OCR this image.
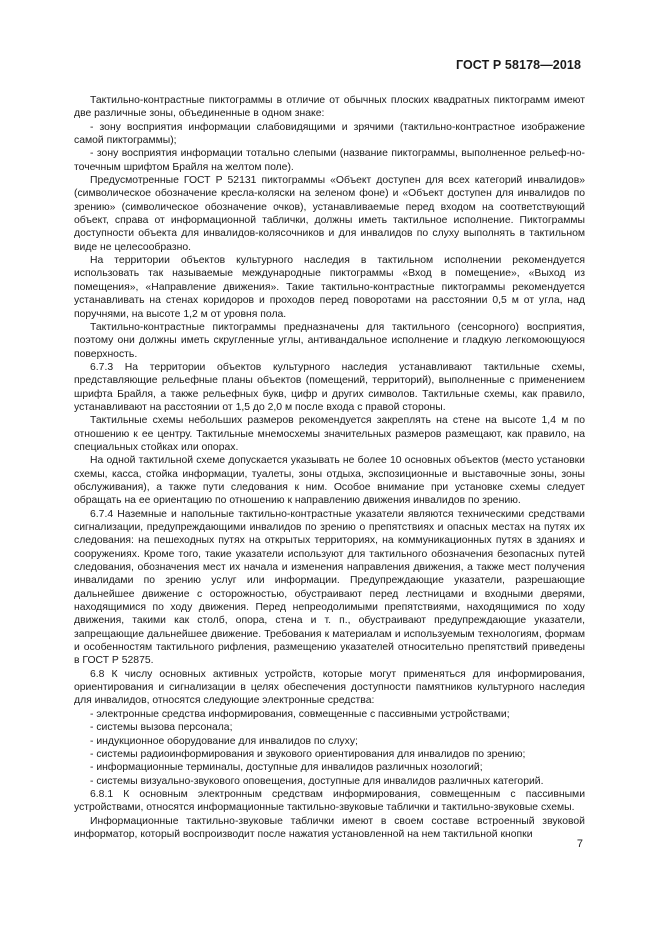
ГОСТ Р 58178—2018

Тактильно-контрастные пиктограммы в отличие от обычных плоских квадратных пиктограмм имеют две различные зоны, объединенные в одном знаке:

- зону восприятия информации слабовидящими и зрячими (тактильно-контрастное изображение самой пиктограммы);

- зону восприятия информации тотально слепыми (название пиктограммы, выполненное рельеф-но-точечным шрифтом Брайля на желтом поле).

Предусмотренные ГОСТ Р 52131 пиктограммы «Объект доступен для всех категорий инвалидов» (символическое обозначение кресла-коляски на зеленом фоне) и «Объект доступен для инвалидов по зрению» (символическое обозначение очков), устанавливаемые перед входом на соответствующий объект, справа от информационной таблички, должны иметь тактильное исполнение. Пиктограммы доступности объекта для инвалидов-колясочников и для инвалидов по слуху выполнять в тактильном виде не целесообразно.

На территории объектов культурного наследия в тактильном исполнении рекомендуется использовать так называемые международные пиктограммы «Вход в помещение», «Выход из помещения», «Направление движения». Такие тактильно-контрастные пиктограммы рекомендуется устанавливать на стенах коридоров и проходов перед поворотами на расстоянии 0,5 м от угла, над поручнями, на высоте 1,2 м от уровня пола.

Тактильно-контрастные пиктограммы предназначены для тактильного (сенсорного) восприятия, поэтому они должны иметь скругленные углы, антивандальное исполнение и гладкую легкомоющуюся поверхность.

6.7.3 На территории объектов культурного наследия устанавливают тактильные схемы, представляющие рельефные планы объектов (помещений, территорий), выполненные с применением шрифта Брайля, а также рельефных букв, цифр и других символов. Тактильные схемы, как правило, устанавливают на расстоянии от 1,5 до 2,0 м после входа с правой стороны.

Тактильные схемы небольших размеров рекомендуется закреплять на стене на высоте 1,4 м по отношению к ее центру. Тактильные мнемосхемы значительных размеров размещают, как правило, на специальных стойках или опорах.

На одной тактильной схеме допускается указывать не более 10 основных объектов (место установки схемы, касса, стойка информации, туалеты, зоны отдыха, экспозиционные и выставочные зоны, зоны обслуживания), а также пути следования к ним. Особое внимание при установке схемы следует обращать на ее ориентацию по отношению к направлению движения инвалидов по зрению.

6.7.4 Наземные и напольные тактильно-контрастные указатели являются техническими средствами сигнализации, предупреждающими инвалидов по зрению о препятствиях и опасных местах на путях их следования: на пешеходных путях на открытых территориях, на коммуникационных путях в зданиях и сооружениях. Кроме того, такие указатели используют для тактильного обозначения безопасных путей следования, обозначения мест их начала и изменения направления движения, а также мест получения инвалидами по зрению услуг или информации. Предупреждающие указатели, разрешающие дальнейшее движение с осторожностью, обустраивают перед лестницами и входными дверями, находящимися по ходу движения. Перед непреодолимыми препятствиями, находящимися по ходу движения, такими как столб, опора, стена и т. п., обустраивают предупреждающие указатели, запрещающие дальнейшее движение. Требования к материалам и используемым технологиям, формам и особенностям тактильного рифления, размещению указателей относительно препятствий приведены в ГОСТ Р 52875.

6.8 К числу основных активных устройств, которые могут применяться для информирования, ориентирования и сигнализации в целях обеспечения доступности памятников культурного наследия для инвалидов, относятся следующие электронные средства:

- электронные средства информирования, совмещенные с пассивными устройствами;

- системы вызова персонала;

- индукционное оборудование для инвалидов по слуху;

- системы радиоинформирования и звукового ориентирования для инвалидов по зрению;

- информационные терминалы, доступные для инвалидов различных нозологий;

- системы визуально-звукового оповещения, доступные для инвалидов различных категорий.

6.8.1 К основным электронным средствам информирования, совмещенным с пассивными устройствами, относятся информационные тактильно-звуковые таблички и тактильно-звуковые схемы.

Информационные тактильно-звуковые таблички имеют в своем составе встроенный звуковой информатор, который воспроизводит после нажатия установленной на нем тактильной кнопки

7
